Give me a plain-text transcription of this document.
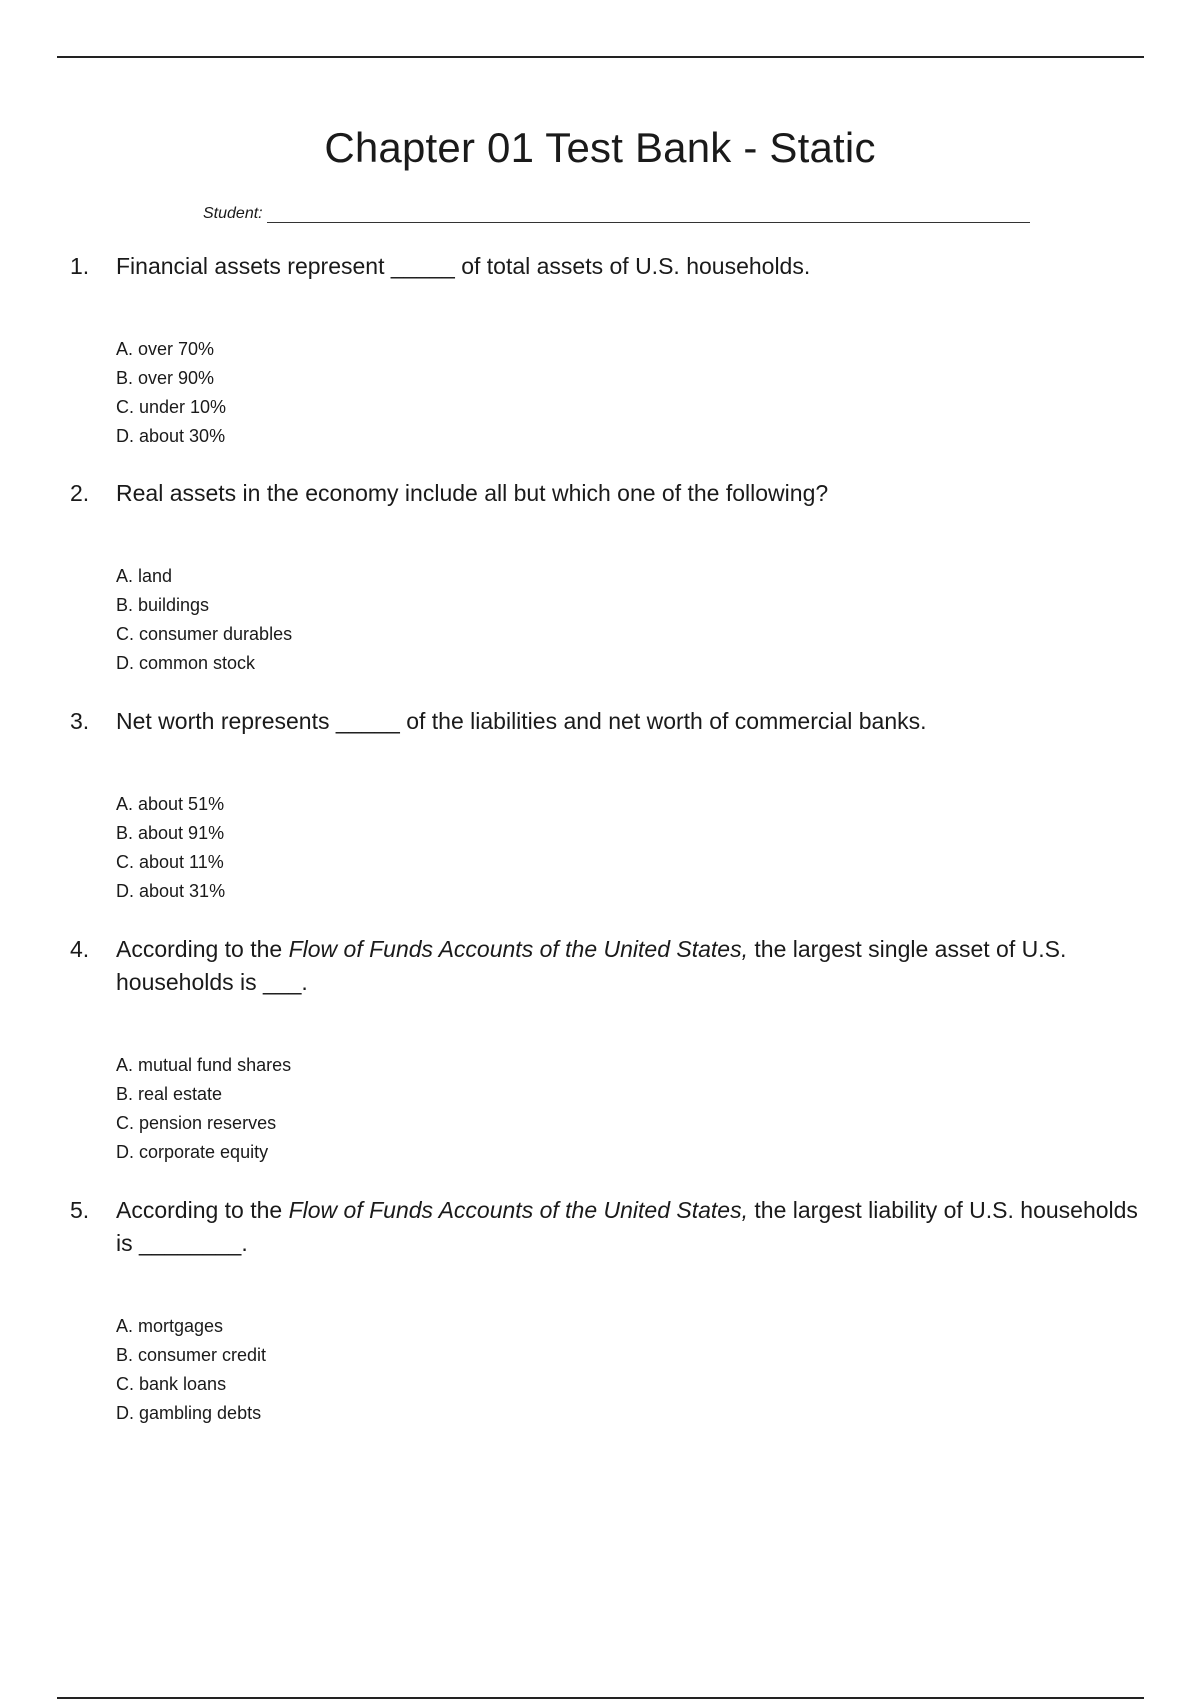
Chapter 01 Test Bank - Static
Student:
1.	Financial assets represent _____ of total assets of U.S. households.
A. over 70%
B. over 90%
C. under 10%
D. about 30%
2.	Real assets in the economy include all but which one of the following?
A. land
B. buildings
C. consumer durables
D. common stock
3.	Net worth represents _____ of the liabilities and net worth of commercial banks.
A. about 51%
B. about 91%
C. about 11%
D. about 31%
4.	According to the Flow of Funds Accounts of the United States, the largest single asset of U.S. households is ___.
A. mutual fund shares
B. real estate
C. pension reserves
D. corporate equity
5.	According to the Flow of Funds Accounts of the United States, the largest liability of U.S. households is ________.
A. mortgages
B. consumer credit
C. bank loans
D. gambling debts
